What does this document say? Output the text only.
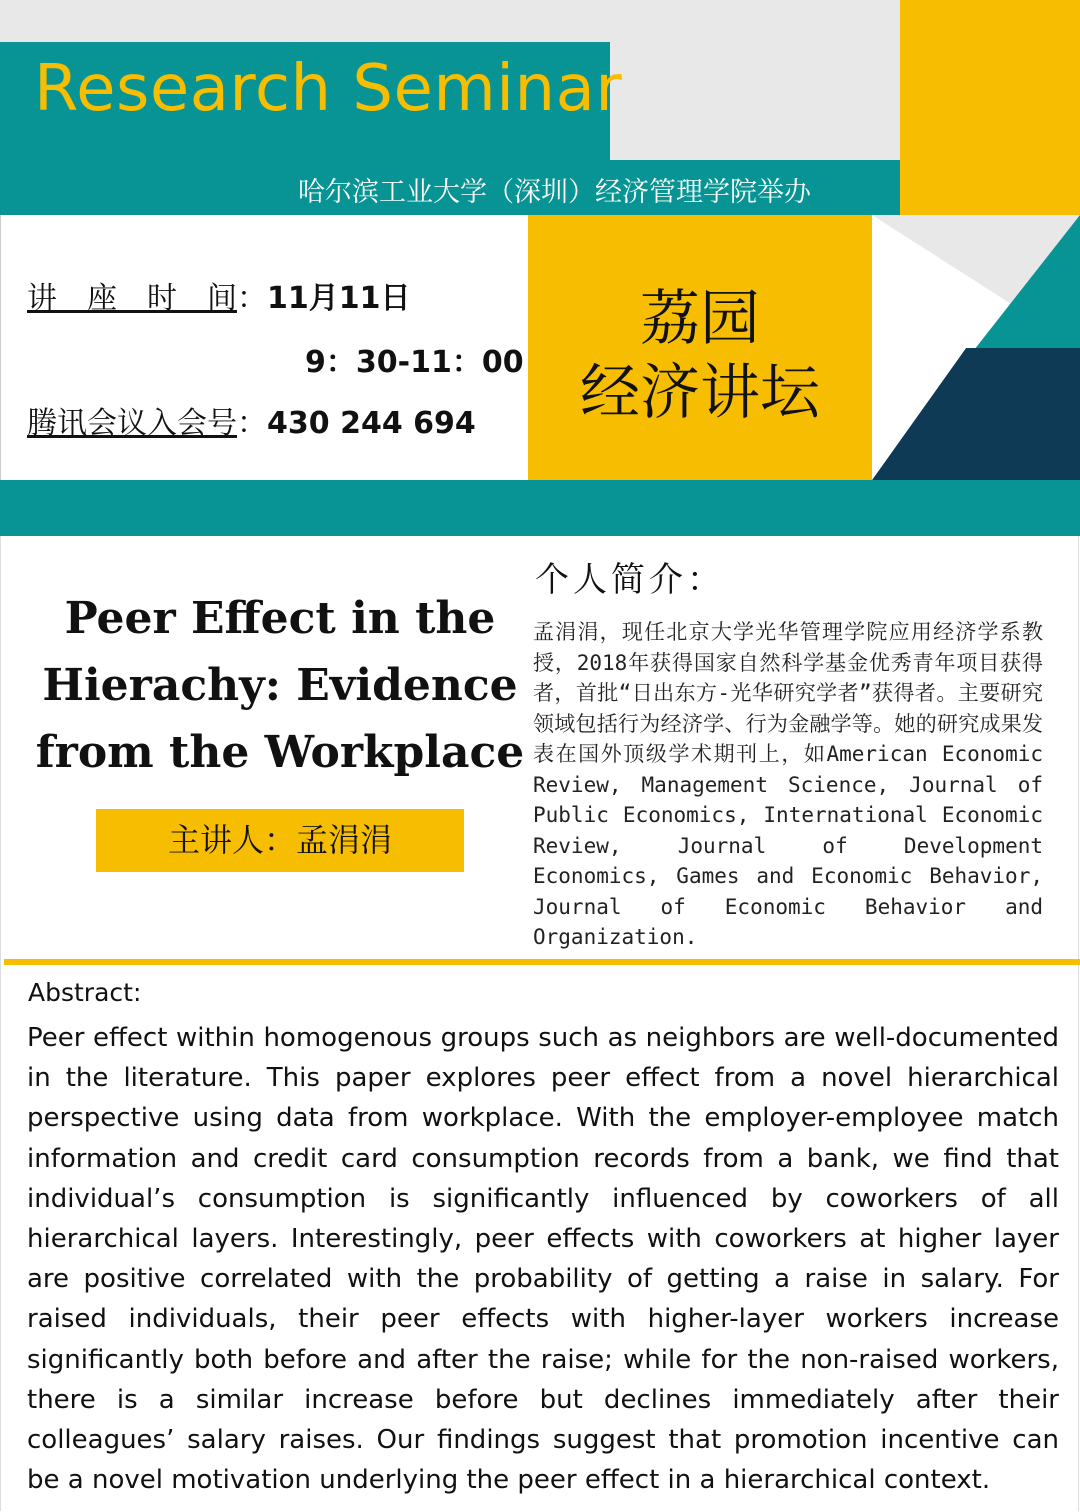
Research Seminar
哈尔滨工业大学（深圳）经济管理学院举办
讲　座　时　间：11月11日
9：30-11：00
腾讯会议入会号：430 244 694
荔园
经济讲坛
Peer Effect in the Hierachy: Evidence from the Workplace
主讲人：孟涓涓
个人简介：
孟涓涓，现任北京大学光华管理学院应用经济学系教授，2018年获得国家自然科学基金优秀青年项目获得者，首批“日出东方-光华研究学者”获得者。主要研究领域包括行为经济学、行为金融学等。她的研究成果发表在国外顶级学术期刊上，如American Economic Review, Management Science, Journal of Public Economics, International Economic Review, Journal of Development Economics, Games and Economic Behavior, Journal of Economic Behavior and Organization.
Abstract:
Peer effect within homogenous groups such as neighbors are well-documented in the literature. This paper explores peer effect from a novel hierarchical perspective using data from workplace. With the employer-employee match information and credit card consumption records from a bank, we find that individual’s consumption is significantly influenced by coworkers of all hierarchical layers. Interestingly, peer effects with coworkers at higher layer are positive correlated with the probability of getting a raise in salary. For raised individuals, their peer effects with higher-layer workers increase significantly both before and after the raise; while for the non-raised workers, there is a similar increase before but declines immediately after their colleagues’ salary raises. Our findings suggest that promotion incentive can be a novel motivation underlying the peer effect in a hierarchical context.
